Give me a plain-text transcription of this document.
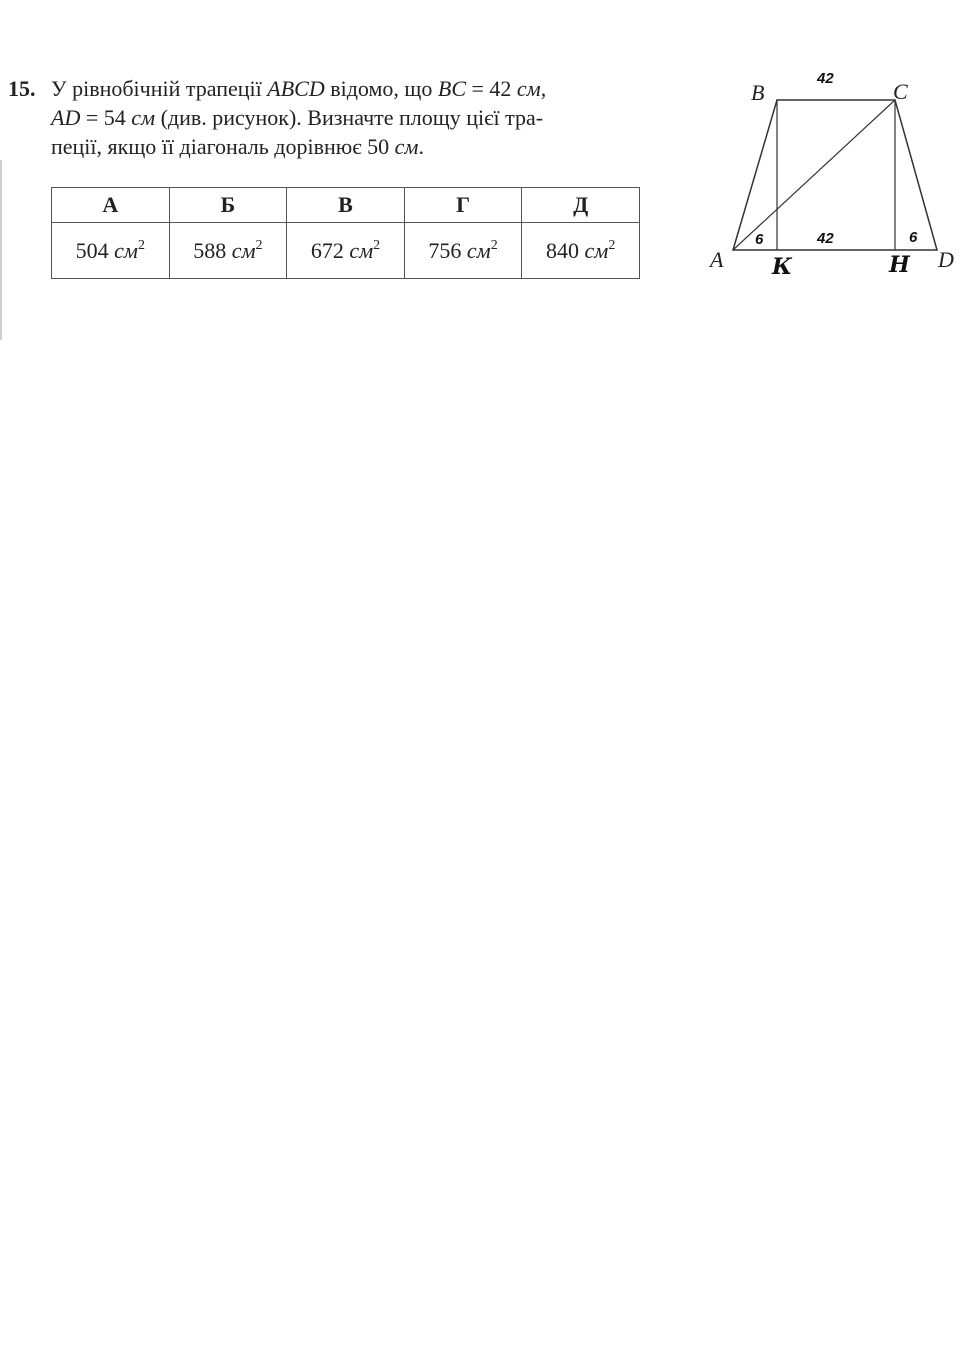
15. У рівнобічній трапеції ABCD відомо, що BC = 42 см,
AD = 54 см (див. рисунок). Визначте площу цієї тра-
пеції, якщо її діагональ дорівнює 50 см.
А	Б	В	Г	Д
504 $см^2$	588 $см^2$	672 $см^2$	756 $см^2$	840 $см^2$
B	C
A	D
К	Н
42
6	42	6
